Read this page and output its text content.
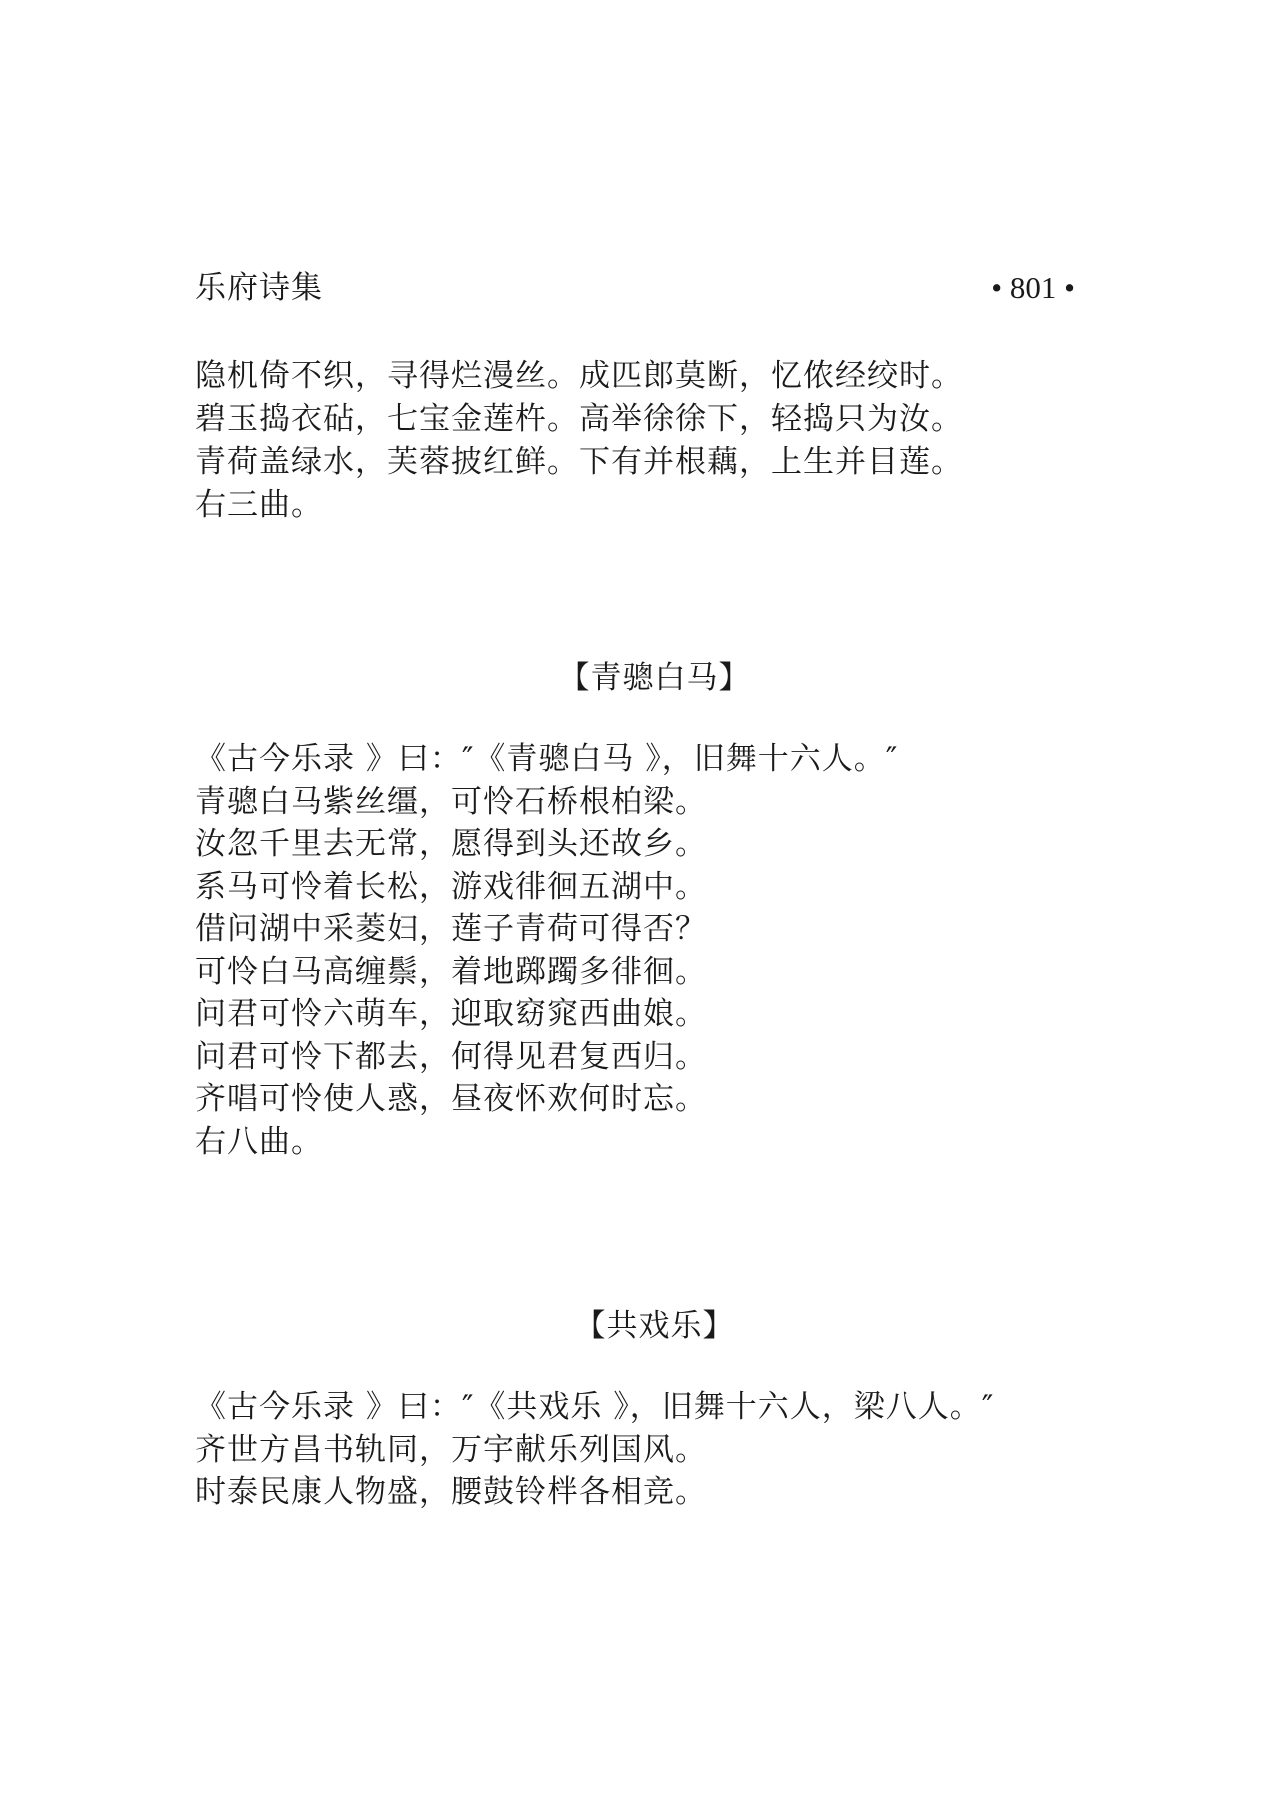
乐府诗集	• 801 •
隐机倚不织，寻得烂漫丝。成匹郎莫断，忆侬经绞时。
碧玉捣衣砧，七宝金莲杵。高举徐徐下，轻捣只为汝。
青荷盖绿水，芙蓉披红鲜。下有并根藕，上生并目莲。
右三曲。
【青骢白马】
《古今乐录 》曰：″《青骢白马 》，旧舞十六人。″
青骢白马紫丝缰，可怜石桥根柏梁。
汝忽千里去无常，愿得到头还故乡。
系马可怜着长松，游戏徘徊五湖中。
借问湖中采菱妇，莲子青荷可得否？
可怜白马高缠鬃，着地踯躅多徘徊。
问君可怜六萌车，迎取窈窕西曲娘。
问君可怜下都去，何得见君复西归。
齐唱可怜使人惑，昼夜怀欢何时忘。
右八曲。
【共戏乐】
《古今乐录 》曰：″《共戏乐 》，旧舞十六人，梁八人。″
齐世方昌书轨同，万宇献乐列国风。
时泰民康人物盛，腰鼓铃柈各相竞。
